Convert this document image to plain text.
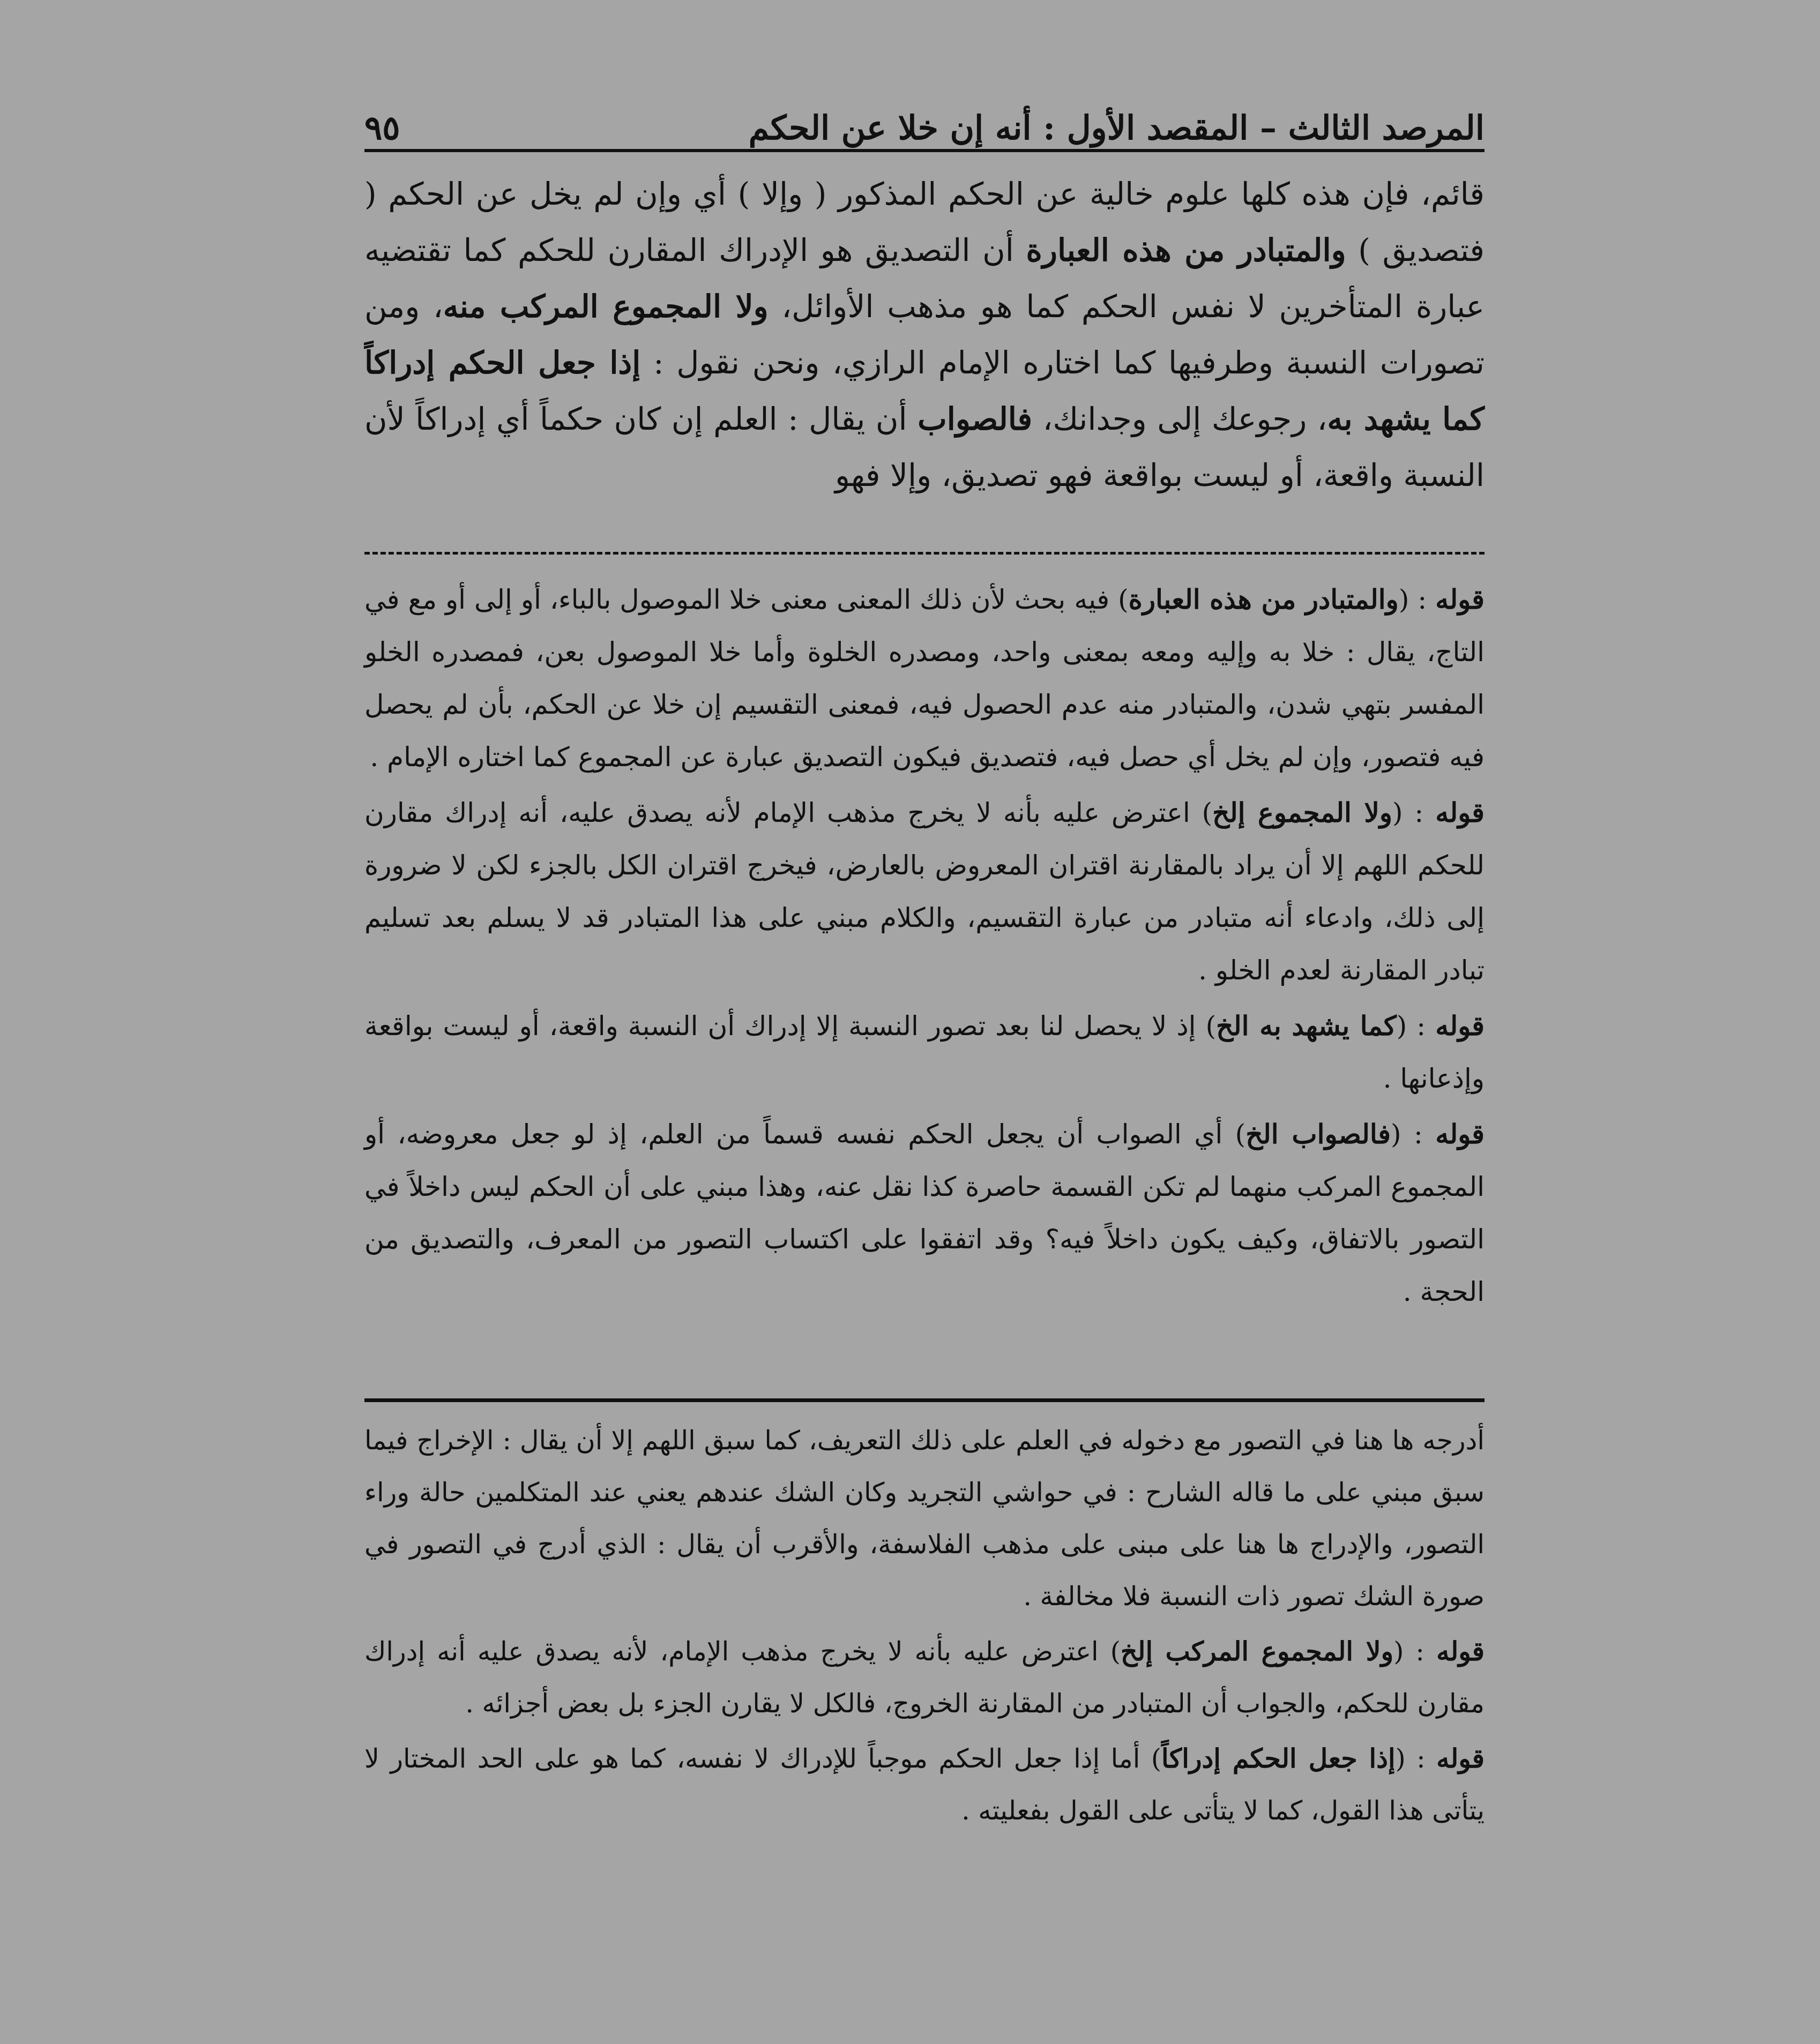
المرصد الثالث – المقصد الأول : أنه إن خلا عن الحكم
٩٥

قائم، فإن هذه كلها علوم خالية عن الحكم المذكور ( وإلا ) أي وإن لم يخل عن الحكم ( فتصديق ) والمتبادر من هذه العبارة أن التصديق هو الإدراك المقارن للحكم كما تقتضيه عبارة المتأخرين لا نفس الحكم كما هو مذهب الأوائل، ولا المجموع المركب منه، ومن تصورات النسبة وطرفيها كما اختاره الإمام الرازي، ونحن نقول : إذا جعل الحكم إدراكاً كما يشهد به، رجوعك إلى وجدانك، فالصواب أن يقال : العلم إن كان حكماً أي إدراكاً لأن النسبة واقعة، أو ليست بواقعة فهو تصديق، وإلا فهو

قوله : (والمتبادر من هذه العبارة) فيه بحث لأن ذلك المعنى معنى خلا الموصول بالباء، أو إلى أو مع في التاج، يقال : خلا به وإليه ومعه بمعنى واحد، ومصدره الخلوة وأما خلا الموصول بعن، فمصدره الخلو المفسر بتهي شدن، والمتبادر منه عدم الحصول فيه، فمعنى التقسيم إن خلا عن الحكم، بأن لم يحصل فيه فتصور، وإن لم يخل أي حصل فيه، فتصديق فيكون التصديق عبارة عن المجموع كما اختاره الإمام .

قوله : (ولا المجموع إلخ) اعترض عليه بأنه لا يخرج مذهب الإمام لأنه يصدق عليه، أنه إدراك مقارن للحكم اللهم إلا أن يراد بالمقارنة اقتران المعروض بالعارض، فيخرج اقتران الكل بالجزء لكن لا ضرورة إلى ذلك، وادعاء أنه متبادر من عبارة التقسيم، والكلام مبني على هذا المتبادر قد لا يسلم بعد تسليم تبادر المقارنة لعدم الخلو .

قوله : (كما يشهد به الخ) إذ لا يحصل لنا بعد تصور النسبة إلا إدراك أن النسبة واقعة، أو ليست بواقعة وإذعانها .

قوله : (فالصواب الخ) أي الصواب أن يجعل الحكم نفسه قسماً من العلم، إذ لو جعل معروضه، أو المجموع المركب منهما لم تكن القسمة حاصرة كذا نقل عنه، وهذا مبني على أن الحكم ليس داخلاً في التصور بالاتفاق، وكيف يكون داخلاً فيه؟ وقد اتفقوا على اكتساب التصور من المعرف، والتصديق من الحجة .

أدرجه ها هنا في التصور مع دخوله في العلم على ذلك التعريف، كما سبق اللهم إلا أن يقال : الإخراج فيما سبق مبني على ما قاله الشارح : في حواشي التجريد وكان الشك عندهم يعني عند المتكلمين حالة وراء التصور، والإدراج ها هنا على مبنى على مذهب الفلاسفة، والأقرب أن يقال : الذي أدرج في التصور في صورة الشك تصور ذات النسبة فلا مخالفة .

قوله : (ولا المجموع المركب إلخ) اعترض عليه بأنه لا يخرج مذهب الإمام، لأنه يصدق عليه أنه إدراك مقارن للحكم، والجواب أن المتبادر من المقارنة الخروج، فالكل لا يقارن الجزء بل بعض أجزائه .

قوله : (إذا جعل الحكم إدراكاً) أما إذا جعل الحكم موجباً للإدراك لا نفسه، كما هو على الحد المختار لا يتأتى هذا القول، كما لا يتأتى على القول بفعليته .
